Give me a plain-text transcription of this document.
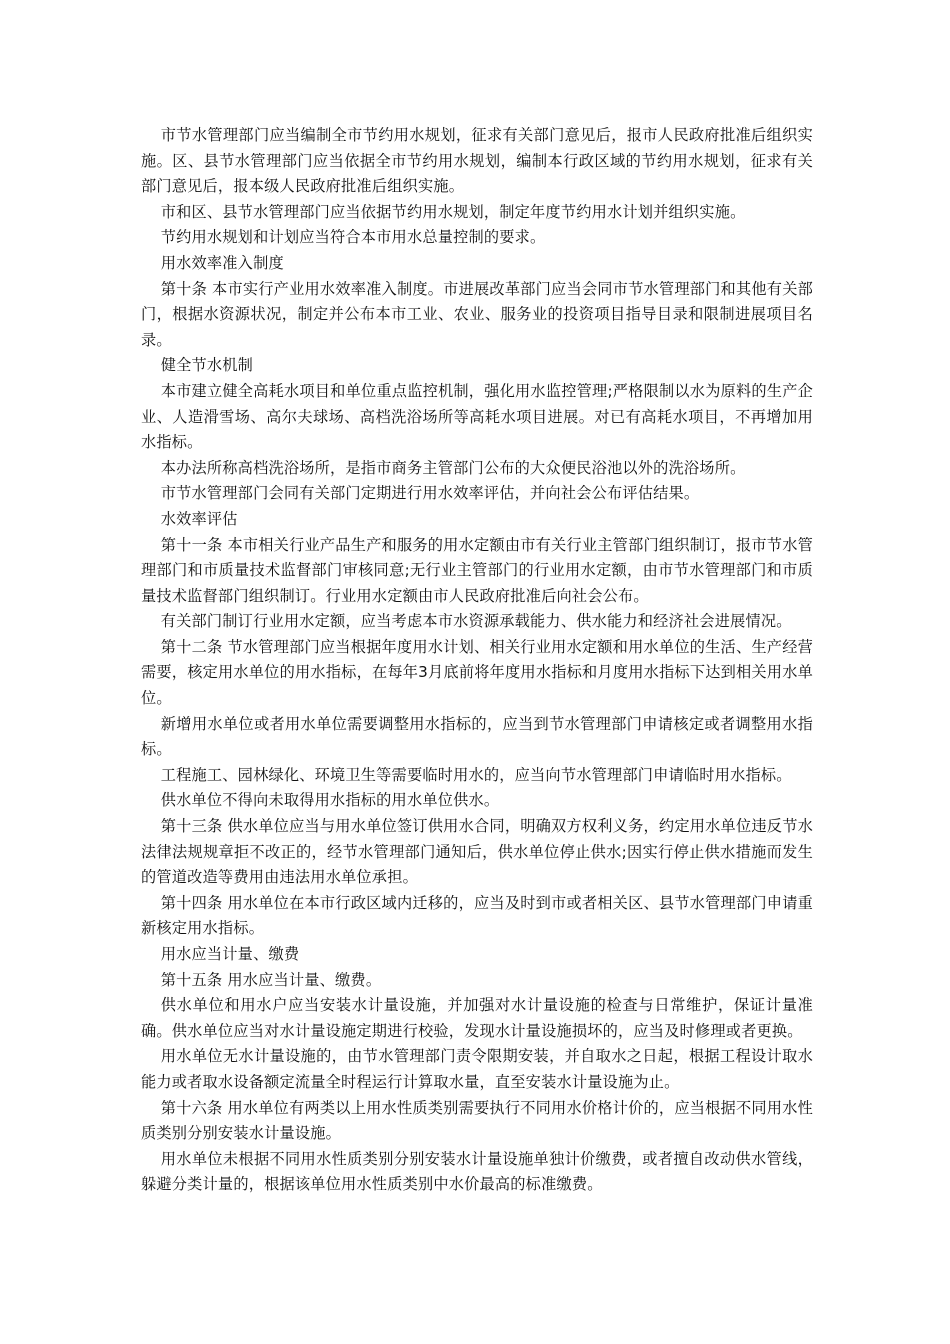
市节水管理部门应当编制全市节约用水规划，征求有关部门意见后，报市人民政府批准后组织实施。区、县节水管理部门应当依据全市节约用水规划，编制本行政区域的节约用水规划，征求有关部门意见后，报本级人民政府批准后组织实施。

市和区、县节水管理部门应当依据节约用水规划，制定年度节约用水计划并组织实施。

节约用水规划和计划应当符合本市用水总量控制的要求。

用水效率准入制度

第十条 本市实行产业用水效率准入制度。市进展改革部门应当会同市节水管理部门和其他有关部门，根据水资源状况，制定并公布本市工业、农业、服务业的投资项目指导目录和限制进展项目名录。

健全节水机制

本市建立健全高耗水项目和单位重点监控机制，强化用水监控管理;严格限制以水为原料的生产企业、人造滑雪场、高尔夫球场、高档洗浴场所等高耗水项目进展。对已有高耗水项目，不再增加用水指标。

本办法所称高档洗浴场所，是指市商务主管部门公布的大众便民浴池以外的洗浴场所。

市节水管理部门会同有关部门定期进行用水效率评估，并向社会公布评估结果。

水效率评估

第十一条 本市相关行业产品生产和服务的用水定额由市有关行业主管部门组织制订，报市节水管理部门和市质量技术监督部门审核同意;无行业主管部门的行业用水定额，由市节水管理部门和市质量技术监督部门组织制订。行业用水定额由市人民政府批准后向社会公布。

有关部门制订行业用水定额，应当考虑本市水资源承载能力、供水能力和经济社会进展情况。

第十二条 节水管理部门应当根据年度用水计划、相关行业用水定额和用水单位的生活、生产经营需要，核定用水单位的用水指标，在每年3月底前将年度用水指标和月度用水指标下达到相关用水单位。

新增用水单位或者用水单位需要调整用水指标的，应当到节水管理部门申请核定或者调整用水指标。

工程施工、园林绿化、环境卫生等需要临时用水的，应当向节水管理部门申请临时用水指标。

供水单位不得向未取得用水指标的用水单位供水。

第十三条 供水单位应当与用水单位签订供用水合同，明确双方权利义务，约定用水单位违反节水法律法规规章拒不改正的，经节水管理部门通知后，供水单位停止供水;因实行停止供水措施而发生的管道改造等费用由违法用水单位承担。

第十四条 用水单位在本市行政区域内迁移的，应当及时到市或者相关区、县节水管理部门申请重新核定用水指标。

用水应当计量、缴费

第十五条 用水应当计量、缴费。

供水单位和用水户应当安装水计量设施，并加强对水计量设施的检查与日常维护，保证计量准确。供水单位应当对水计量设施定期进行校验，发现水计量设施损坏的，应当及时修理或者更换。

用水单位无水计量设施的，由节水管理部门责令限期安装，并自取水之日起，根据工程设计取水能力或者取水设备额定流量全时程运行计算取水量，直至安装水计量设施为止。

第十六条 用水单位有两类以上用水性质类别需要执行不同用水价格计价的，应当根据不同用水性质类别分别安装水计量设施。

用水单位未根据不同用水性质类别分别安装水计量设施单独计价缴费，或者擅自改动供水管线，躲避分类计量的，根据该单位用水性质类别中水价最高的标准缴费。
